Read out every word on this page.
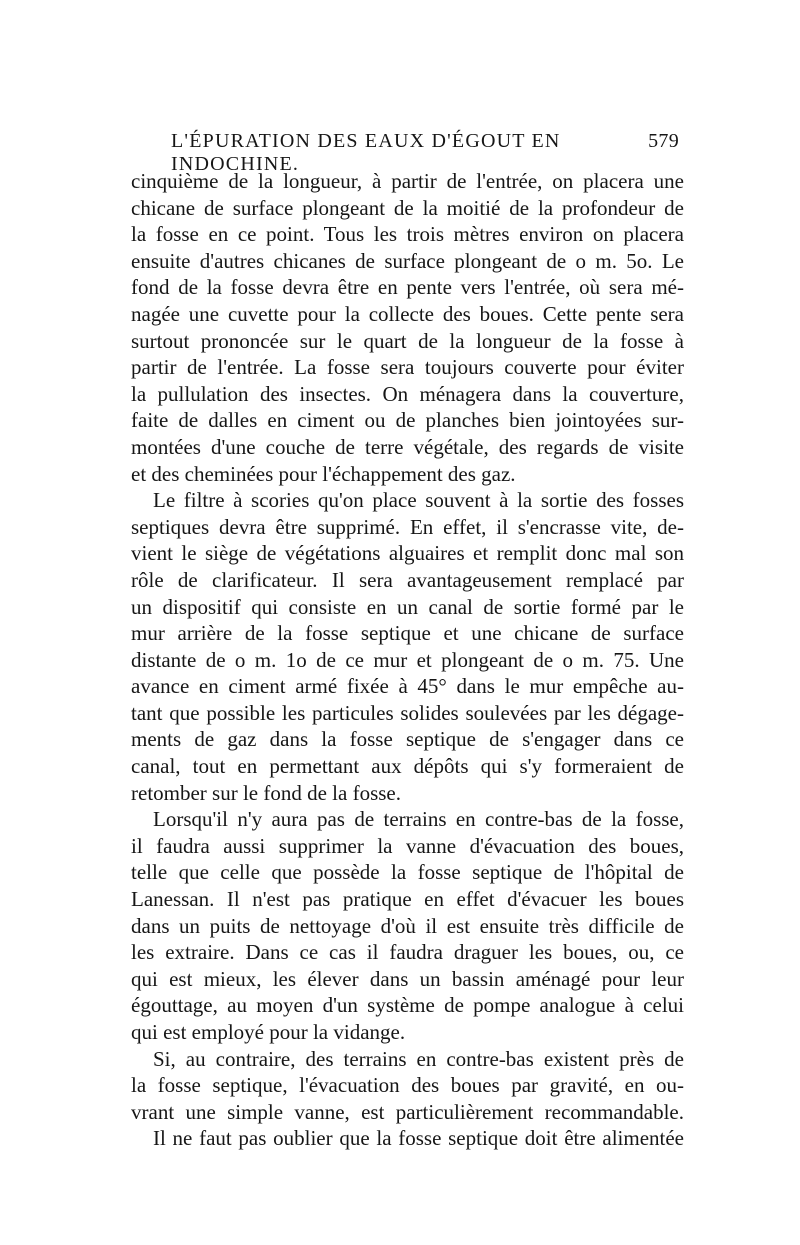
L'ÉPURATION DES EAUX D'ÉGOUT EN INDOCHINE.
579
cinquième de la longueur, à partir de l'entrée, on placera une
chicane de surface plongeant de la moitié de la profondeur de
la fosse en ce point. Tous les trois mètres environ on placera
ensuite d'autres chicanes de surface plongeant de o m. 5o. Le
fond de la fosse devra être en pente vers l'entrée, où sera mé-
nagée une cuvette pour la collecte des boues. Cette pente sera
surtout prononcée sur le quart de la longueur de la fosse à
partir de l'entrée. La fosse sera toujours couverte pour éviter
la pullulation des insectes. On ménagera dans la couverture,
faite de dalles en ciment ou de planches bien jointoyées sur-
montées d'une couche de terre végétale, des regards de visite
et des cheminées pour l'échappement des gaz.
Le filtre à scories qu'on place souvent à la sortie des fosses
septiques devra être supprimé. En effet, il s'encrasse vite, de-
vient le siège de végétations alguaires et remplit donc mal son
rôle de clarificateur. Il sera avantageusement remplacé par
un dispositif qui consiste en un canal de sortie formé par le
mur arrière de la fosse septique et une chicane de surface
distante de o m. 1o de ce mur et plongeant de o m. 75. Une
avance en ciment armé fixée à 45° dans le mur empêche au-
tant que possible les particules solides soulevées par les dégage-
ments de gaz dans la fosse septique de s'engager dans ce
canal, tout en permettant aux dépôts qui s'y formeraient de
retomber sur le fond de la fosse.
Lorsqu'il n'y aura pas de terrains en contre-bas de la fosse,
il faudra aussi supprimer la vanne d'évacuation des boues,
telle que celle que possède la fosse septique de l'hôpital de
Lanessan. Il n'est pas pratique en effet d'évacuer les boues
dans un puits de nettoyage d'où il est ensuite très difficile de
les extraire. Dans ce cas il faudra draguer les boues, ou, ce
qui est mieux, les élever dans un bassin aménagé pour leur
égouttage, au moyen d'un système de pompe analogue à celui
qui est employé pour la vidange.
Si, au contraire, des terrains en contre-bas existent près de
la fosse septique, l'évacuation des boues par gravité, en ou-
vrant une simple vanne, est particulièrement recommandable.
Il ne faut pas oublier que la fosse septique doit être alimentée
